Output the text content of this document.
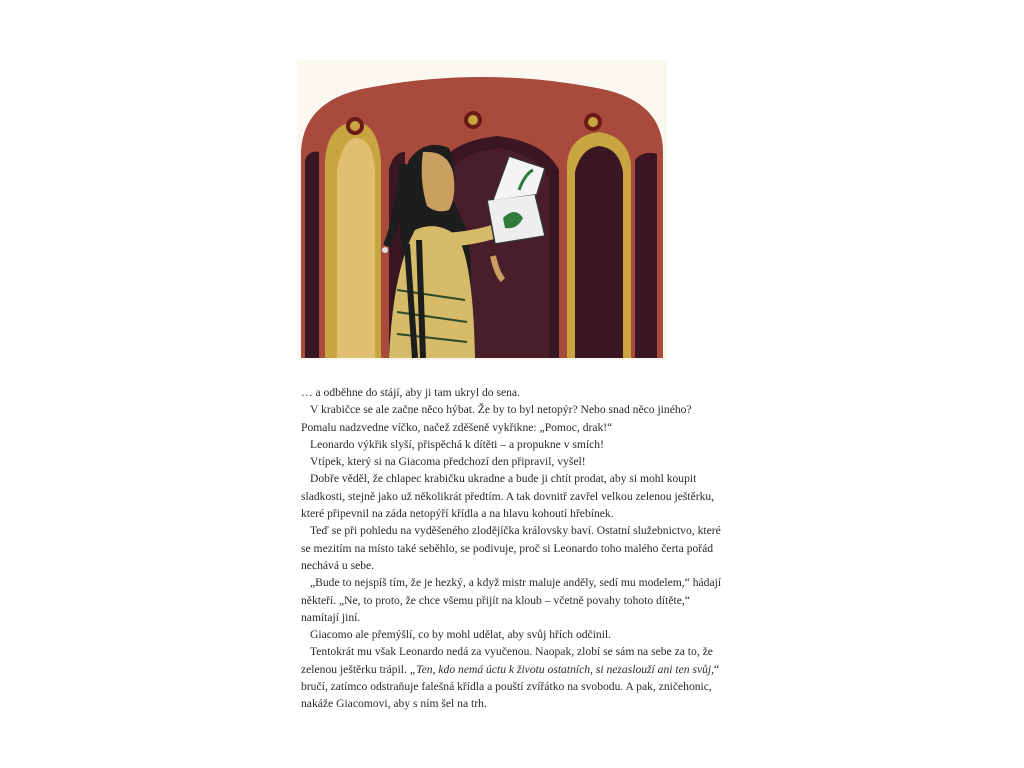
… a odběhne do stájí, aby ji tam ukryl do sena.

V krabičce se ale začne něco hýbat. Že by to byl netopýr? Nebo snad něco jiného? Pomalu nadzvedne víčko, načež zděšeně vykřikne: „Pomoc, drak!“

Leonardo výkřik slyší, přispěchá k dítěti – a propukne v smích!

Vtípek, který si na Giacoma předchozí den připravil, vyšel!

Dobře věděl, že chlapec krabičku ukradne a bude ji chtít prodat, aby si mohl koupit sladkosti, stejně jako už několikrát předtím. A tak dovnitř zavřel velkou zelenou ještěrku, které připevnil na záda netopýří křídla a na hlavu kohoutí hřebínek.

Teď se při pohledu na vyděšeného zlodějíčka královsky baví. Ostatní služebnictvo, které se mezitím na místo také seběhlo, se podivuje, proč si Leonardo toho malého čerta pořád nechává u sebe.

„Bude to nejspíš tím, že je hezký, a když mistr maluje anděly, sedí mu modelem,“ hádají někteří. „Ne, to proto, že chce všemu přijít na kloub – včetně povahy tohoto dítěte,“ namítají jiní.

Giacomo ale přemýšlí, co by mohl udělat, aby svůj hřích odčinil.

Tentokrát mu však Leonardo nedá za vyučenou. Naopak, zlobí se sám na sebe za to, že zelenou ještěrku trápil. „Ten, kdo nemá úctu k životu ostatních, si nezaslouží ani ten svůj,“ bručí, zatímco odstraňuje falešná křídla a pouští zvířátko na svobodu. A pak, zničehonic, nakáže Giacomovi, aby s ním šel na trh.
